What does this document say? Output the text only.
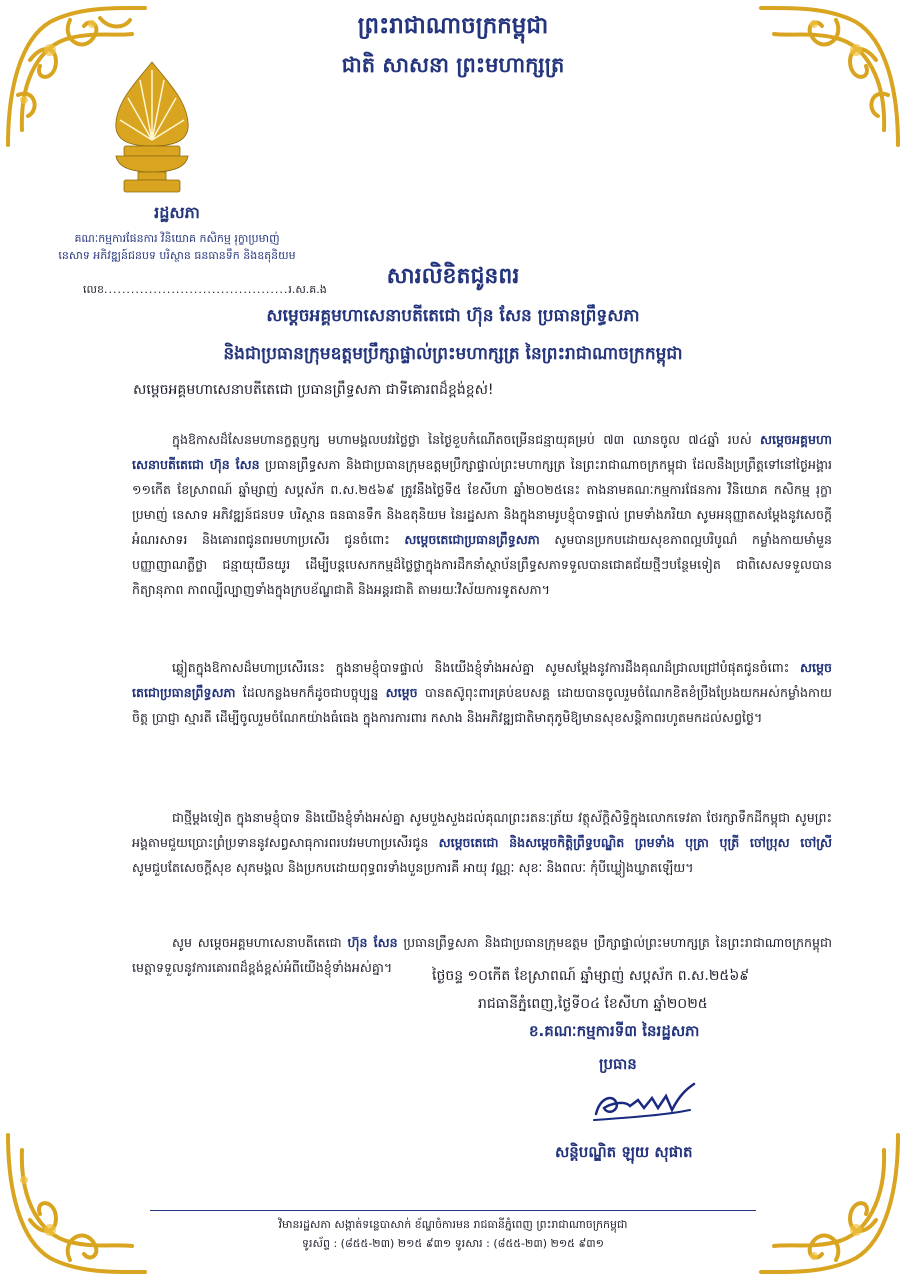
ព្រះរាជាណាចក្រកម្ពុជា
ជាតិ សាសនា ព្រះមហាក្សត្រ
រដ្ឋសភា
គណៈកម្មការផែនការ វិនិយោគ កសិកម្ម រុក្ខាប្រមាញ់
នេសាទ អភិវឌ្ឍន៍ជនបទ បរិស្ថាន ធនធានទឹក និងឧតុនិយម
លេខ.........................................រ.ស.គ.ង
សារលិខិតជូនពរ
សម្តេចអគ្គមហាសេនាបតីតេជោ ហ៊ុន សែន ប្រធានព្រឹទ្ធសភា
និងជាប្រធានក្រុមឧត្តមប្រឹក្សាផ្ទាល់ព្រះមហាក្សត្រ នៃព្រះរាជាណាចក្រកម្ពុជា
សម្តេចអគ្គមហាសេនាបតីតេជោ ប្រធានព្រឹទ្ធសភា ជាទីគោរពដ៏ខ្ពង់ខ្ពស់!

ក្នុងឱកាសដ៏សែនមហានក្ខត្តឫក្ស មហាមង្គលបវរថ្លៃថ្លា នៃថ្ងៃខួបកំណើតចម្រើនជន្មាយុគម្រប់ ៧៣ ឈានចូល ៧៤ឆ្នាំ របស់ សម្តេចអគ្គមហាសេនាបតីតេជោ ហ៊ុន សែន ប្រធានព្រឹទ្ធសភា និងជាប្រធានក្រុមឧត្តមប្រឹក្សាផ្ទាល់ព្រះមហាក្សត្រ នៃព្រះរាជាណាចក្រកម្ពុជា ដែលនឹងប្រព្រឹត្តទៅនៅថ្ងៃអង្គារ ១១កើត ខែស្រាពណ៍ ឆ្នាំម្សាញ់ សប្តស័ក ព.ស.២៥៦៩ ត្រូវនឹងថ្ងៃទី៥ ខែសីហា ឆ្នាំ២០២៥នេះ តាងនាមគណៈកម្មការផែនការ វិនិយោគ កសិកម្ម រុក្ខាប្រមាញ់ នេសាទ អភិវឌ្ឍន៍ជនបទ បរិស្ថាន ធនធានទឹក និងឧតុនិយម នៃរដ្ឋសភា និងក្នុងនាមរូបខ្ញុំបាទផ្ទាល់ ព្រមទាំងភរិយា សូមអនុញ្ញាតសម្តែងនូវសេចក្តី អំណរសាទរ និងគោរពជូនពរមហាប្រសើរ ជូនចំពោះ សម្តេចតេជោប្រធានព្រឹទ្ធសភា សូមបានប្រកបដោយសុខភាពល្អបរិបូណ៌ កម្លាំងកាយមាំមួន បញ្ញាញាណភ្លឺថ្លា ជន្មាយុយឺនយូរ ដើម្បីបន្តបេសកកម្មដ៏ថ្លៃថ្លាក្នុងការដឹកនាំស្ថាប័នព្រឹទ្ធសភាទទួលបានជោគជ័យថ្មីៗបន្ថែមទៀត ជាពិសេសទទួលបានកិត្យានុភាព ភាពល្បីល្បាញទាំងក្នុងក្របខ័ណ្ឌជាតិ និងអន្តរជាតិ តាមរយៈវិស័យការទូតសភា។

ឆ្លៀតក្នុងឱកាសដ៏មហាប្រសើរនេះ ក្នុងនាមខ្ញុំបាទផ្ទាល់ និងយើងខ្ញុំទាំងអស់គ្នា សូមសម្តែងនូវការដឹងគុណដ៏ជ្រាលជ្រៅបំផុតជូនចំពោះ សម្តេចតេជោប្រធានព្រឹទ្ធសភា ដែលកន្លងមកក៏ដូចជាបច្ចុប្បន្ន សម្តេច បានតស៊ូពុះពារគ្រប់ឧបសគ្គ ដោយបានចូលរួមចំណែកខិតខំប្រឹងប្រែងយកអស់កម្លាំងកាយចិត្ត ប្រាជ្ញា ស្មារតី ដើម្បីចូលរួមចំណែកយ៉ាងធំធេង ក្នុងការការពារ កសាង និងអភិវឌ្ឍជាតិមាតុភូមិឱ្យមានសុខសន្តិភាពរហូតមកដល់សព្វថ្ងៃ។

ជាថ្មីម្តងទៀត ក្នុងនាមខ្ញុំបាទ និងយើងខ្ញុំទាំងអស់គ្នា សូមបួងសួងដល់គុណព្រះរតនៈត្រ័យ វត្ថុស័ក្តិសិទ្ធិក្នុងលោកទេវតា ថែរក្សាទឹកដីកម្ពុជា សូមព្រះអង្គតាមជួយប្រោះព្រំប្រទាននូវសព្វសាធុការពរបវរមហាប្រសើរជូន សម្តេចតេជោ និងសម្តេចកិត្តិព្រឹទ្ធបណ្ឌិត ព្រមទាំង បុត្រា បុត្រី ចៅប្រុស ចៅស្រី សូមជួបតែសេចក្តីសុខ សុភមង្គល និងប្រកបដោយពុទ្ធពរទាំងបួនប្រការគឺ អាយុ វណ្ណៈ សុខៈ និងពលៈ កុំបីឃ្លៀងឃ្លាតឡើយ។

សូម សម្តេចអគ្គមហាសេនាបតីតេជោ ហ៊ុន សែន ប្រធានព្រឹទ្ធសភា និងជាប្រធានក្រុមឧត្តម ប្រឹក្សាផ្ទាល់ព្រះមហាក្សត្រ នៃព្រះរាជាណាចក្រកម្ពុជា មេត្តាទទួលនូវការគោរពដ៏ខ្ពង់ខ្ពស់អំពីយើងខ្ញុំទាំងអស់គ្នា។

ថ្ងៃចន្ទ ១០កើត ខែស្រាពណ៍ ឆ្នាំម្សាញ់ សប្តស័ក ព.ស.២៥៦៩
រាជធានីភ្នំពេញ,ថ្ងៃទី០៤ ខែសីហា ឆ្នាំ២០២៥
ខ.គណៈកម្មការទី៣ នៃរដ្ឋសភា
ប្រធាន
សន្តិបណ្ឌិត ឡុយ សុផាត
វិមានរដ្ឋសភា សង្កាត់ទន្លេបាសាក់ ខ័ណ្ឌចំការមន រាជធានីភ្នំពេញ ព្រះរាជាណាចក្រកម្ពុជា
ទូរស័ព្ទ : (៨៥៥-២៣) ២១៥ ៩៣១ ទូរសារ : (៨៥៥-២៣) ២១៥ ៩៣១
